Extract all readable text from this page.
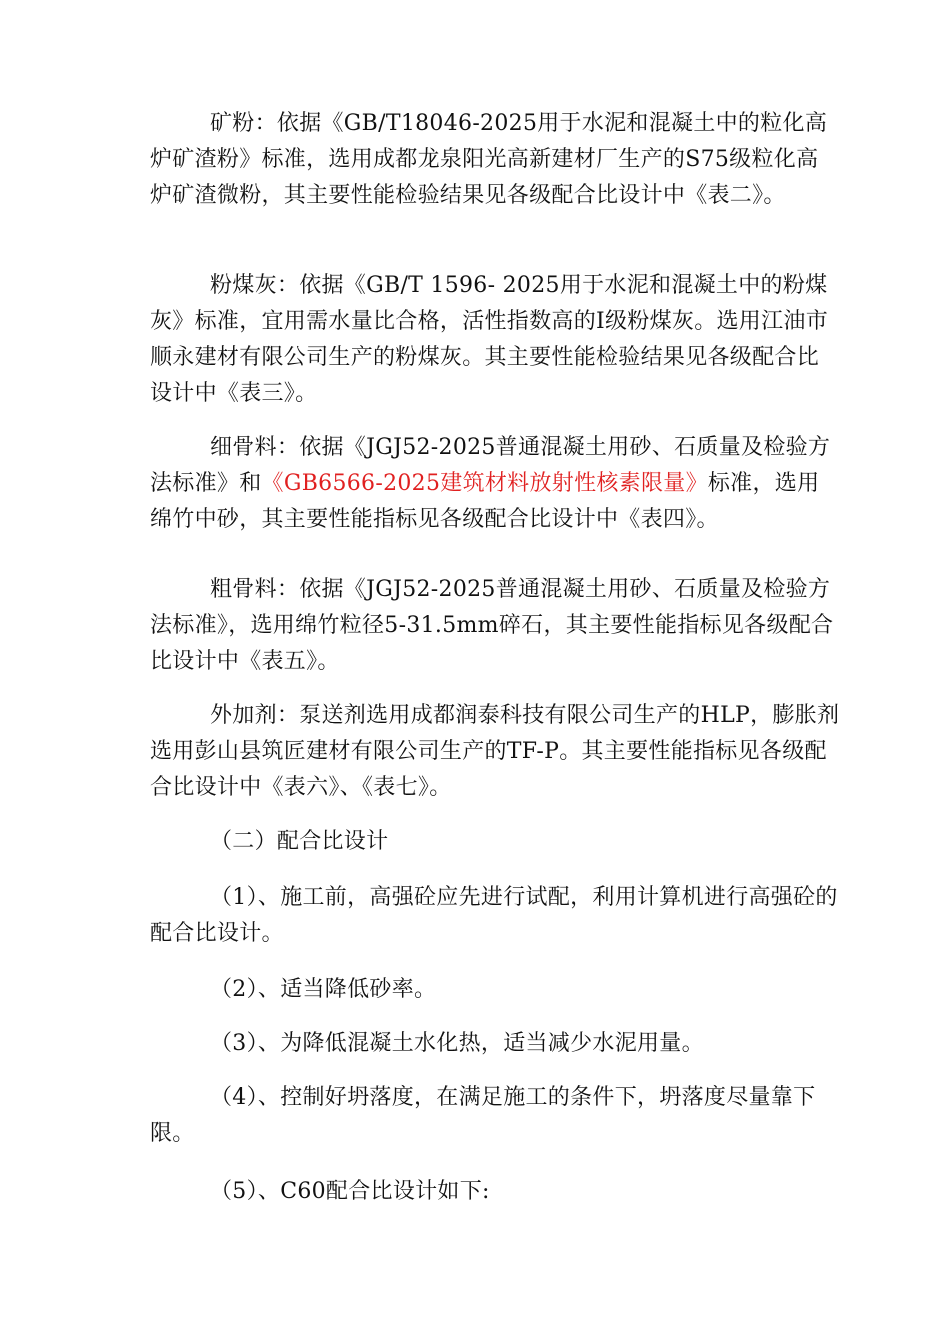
矿粉：依据《GB/T18046-2025用于水泥和混凝土中的粒化高炉矿渣粉》标准，选用成都龙泉阳光高新建材厂生产的S75级粒化高炉矿渣微粉，其主要性能检验结果见各级配合比设计中《表二》。

粉煤灰：依据《GB/T 1596- 2025用于水泥和混凝土中的粉煤灰》标准，宜用需水量比合格，活性指数高的Ⅰ级粉煤灰。选用江油市顺永建材有限公司生产的粉煤灰。其主要性能检验结果见各级配合比设计中《表三》。

细骨料：依据《JGJ52-2025普通混凝土用砂、石质量及检验方法标准》和《GB6566-2025建筑材料放射性核素限量》标准，选用绵竹中砂，其主要性能指标见各级配合比设计中《表四》。

粗骨料：依据《JGJ52-2025普通混凝土用砂、石质量及检验方法标准》，选用绵竹粒径5-31.5mm碎石，其主要性能指标见各级配合比设计中《表五》。

外加剂：泵送剂选用成都润泰科技有限公司生产的HLP，膨胀剂选用彭山县筑匠建材有限公司生产的TF-P。其主要性能指标见各级配合比设计中《表六》、《表七》。

（二）配合比设计

（1）、施工前，高强砼应先进行试配，利用计算机进行高强砼的配合比设计。

（2）、适当降低砂率。

（3）、为降低混凝土水化热，适当减少水泥用量。

（4）、控制好坍落度，在满足施工的条件下，坍落度尽量靠下限。

（5）、C60配合比设计如下:
